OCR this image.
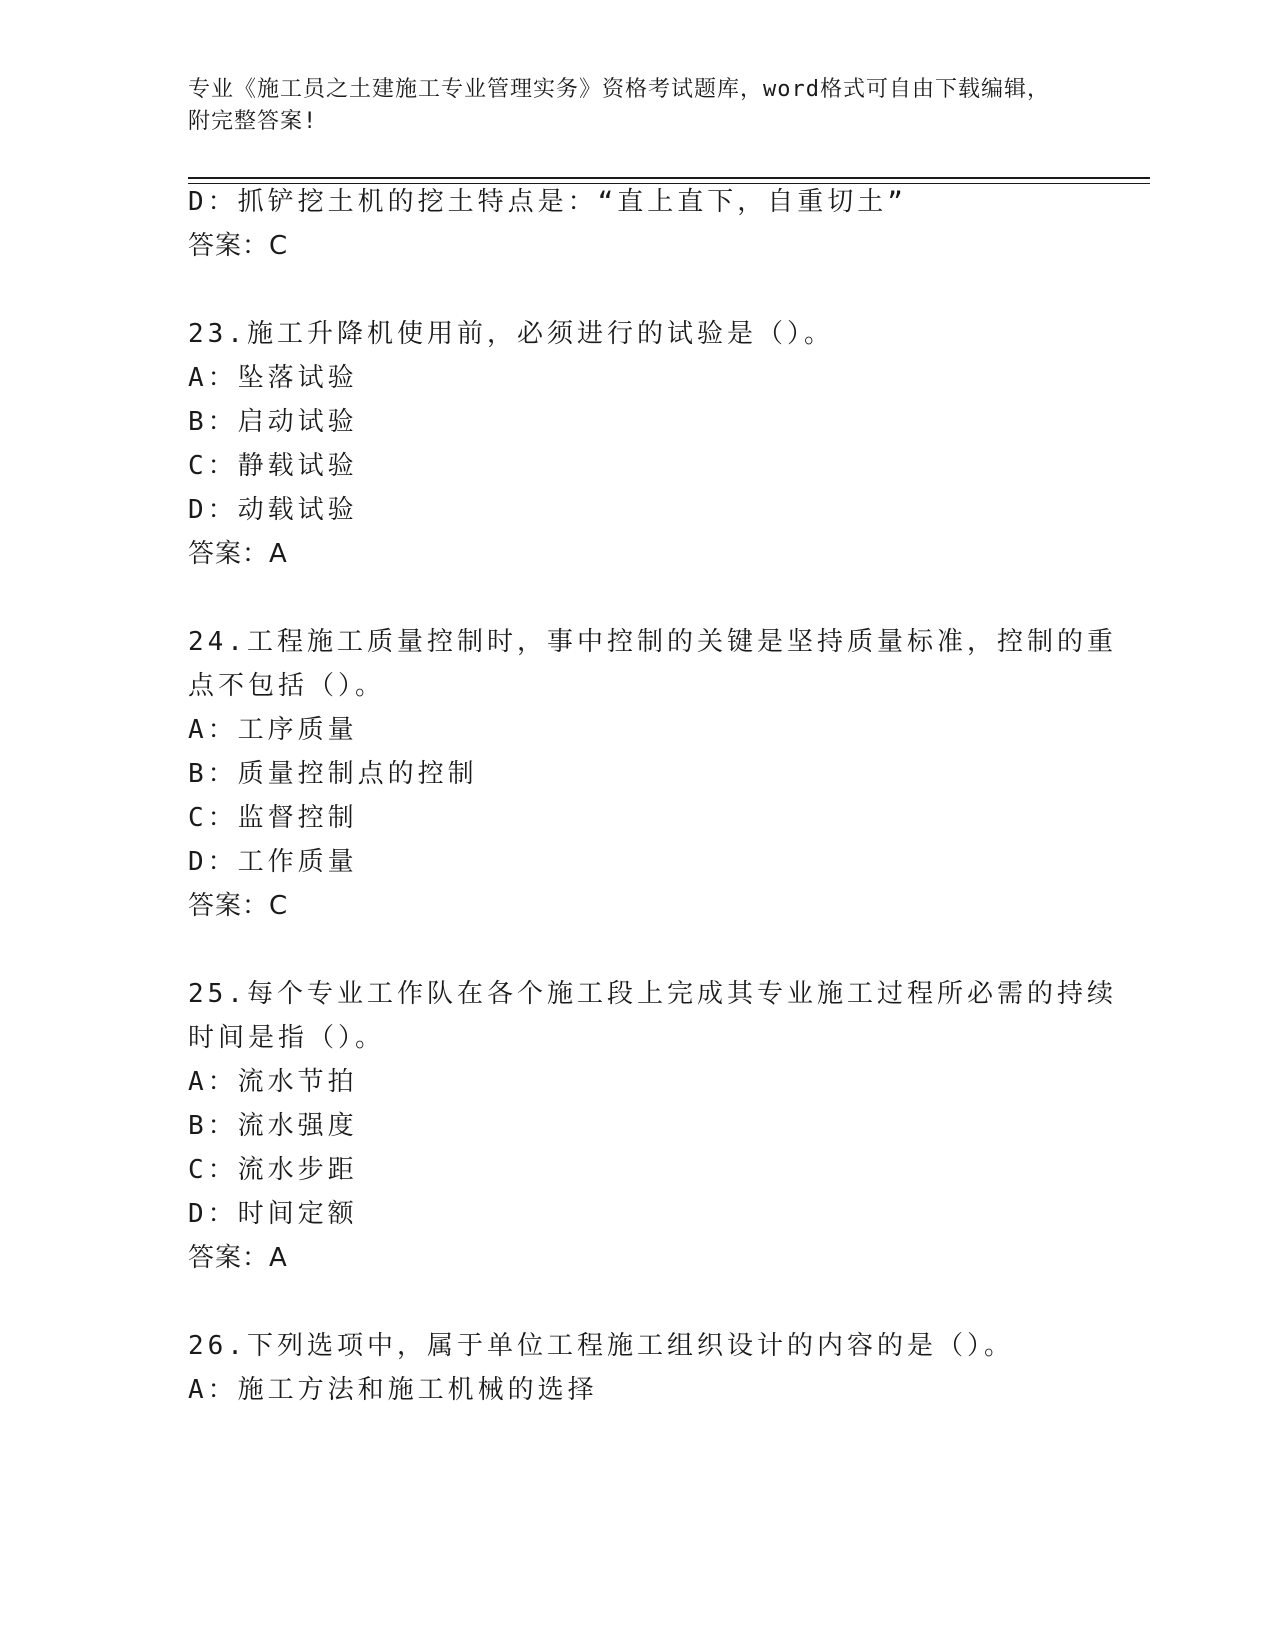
专业《施工员之土建施工专业管理实务》资格考试题库，word格式可自由下载编辑，附完整答案!
D：抓铲挖土机的挖土特点是：“直上直下，自重切土”
答案：C
23.施工升降机使用前，必须进行的试验是（）。
A：坠落试验
B：启动试验
C：静载试验
D：动载试验
答案：A
24.工程施工质量控制时，事中控制的关键是坚持质量标准，控制的重
点不包括（）。
A：工序质量
B：质量控制点的控制
C：监督控制
D：工作质量
答案：C
25.每个专业工作队在各个施工段上完成其专业施工过程所必需的持续
时间是指（）。
A：流水节拍
B：流水强度
C：流水步距
D：时间定额
答案：A
26.下列选项中，属于单位工程施工组织设计的内容的是（）。
A：施工方法和施工机械的选择
